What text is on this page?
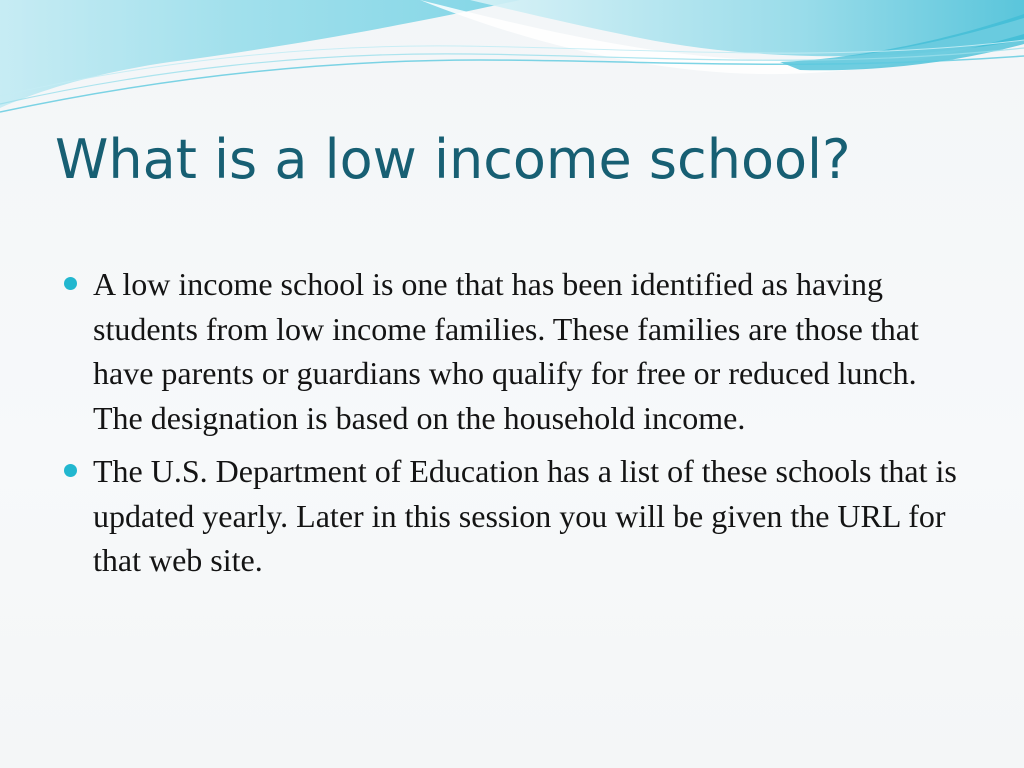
What is a low income school?
A low income school is one that has been identified as having students from low income families. These families are those that have parents or guardians who qualify for free or reduced lunch. The designation is based on the household income.
The U.S. Department of Education has a list of these schools that is updated yearly. Later in this session you will be given the URL for that web site.
